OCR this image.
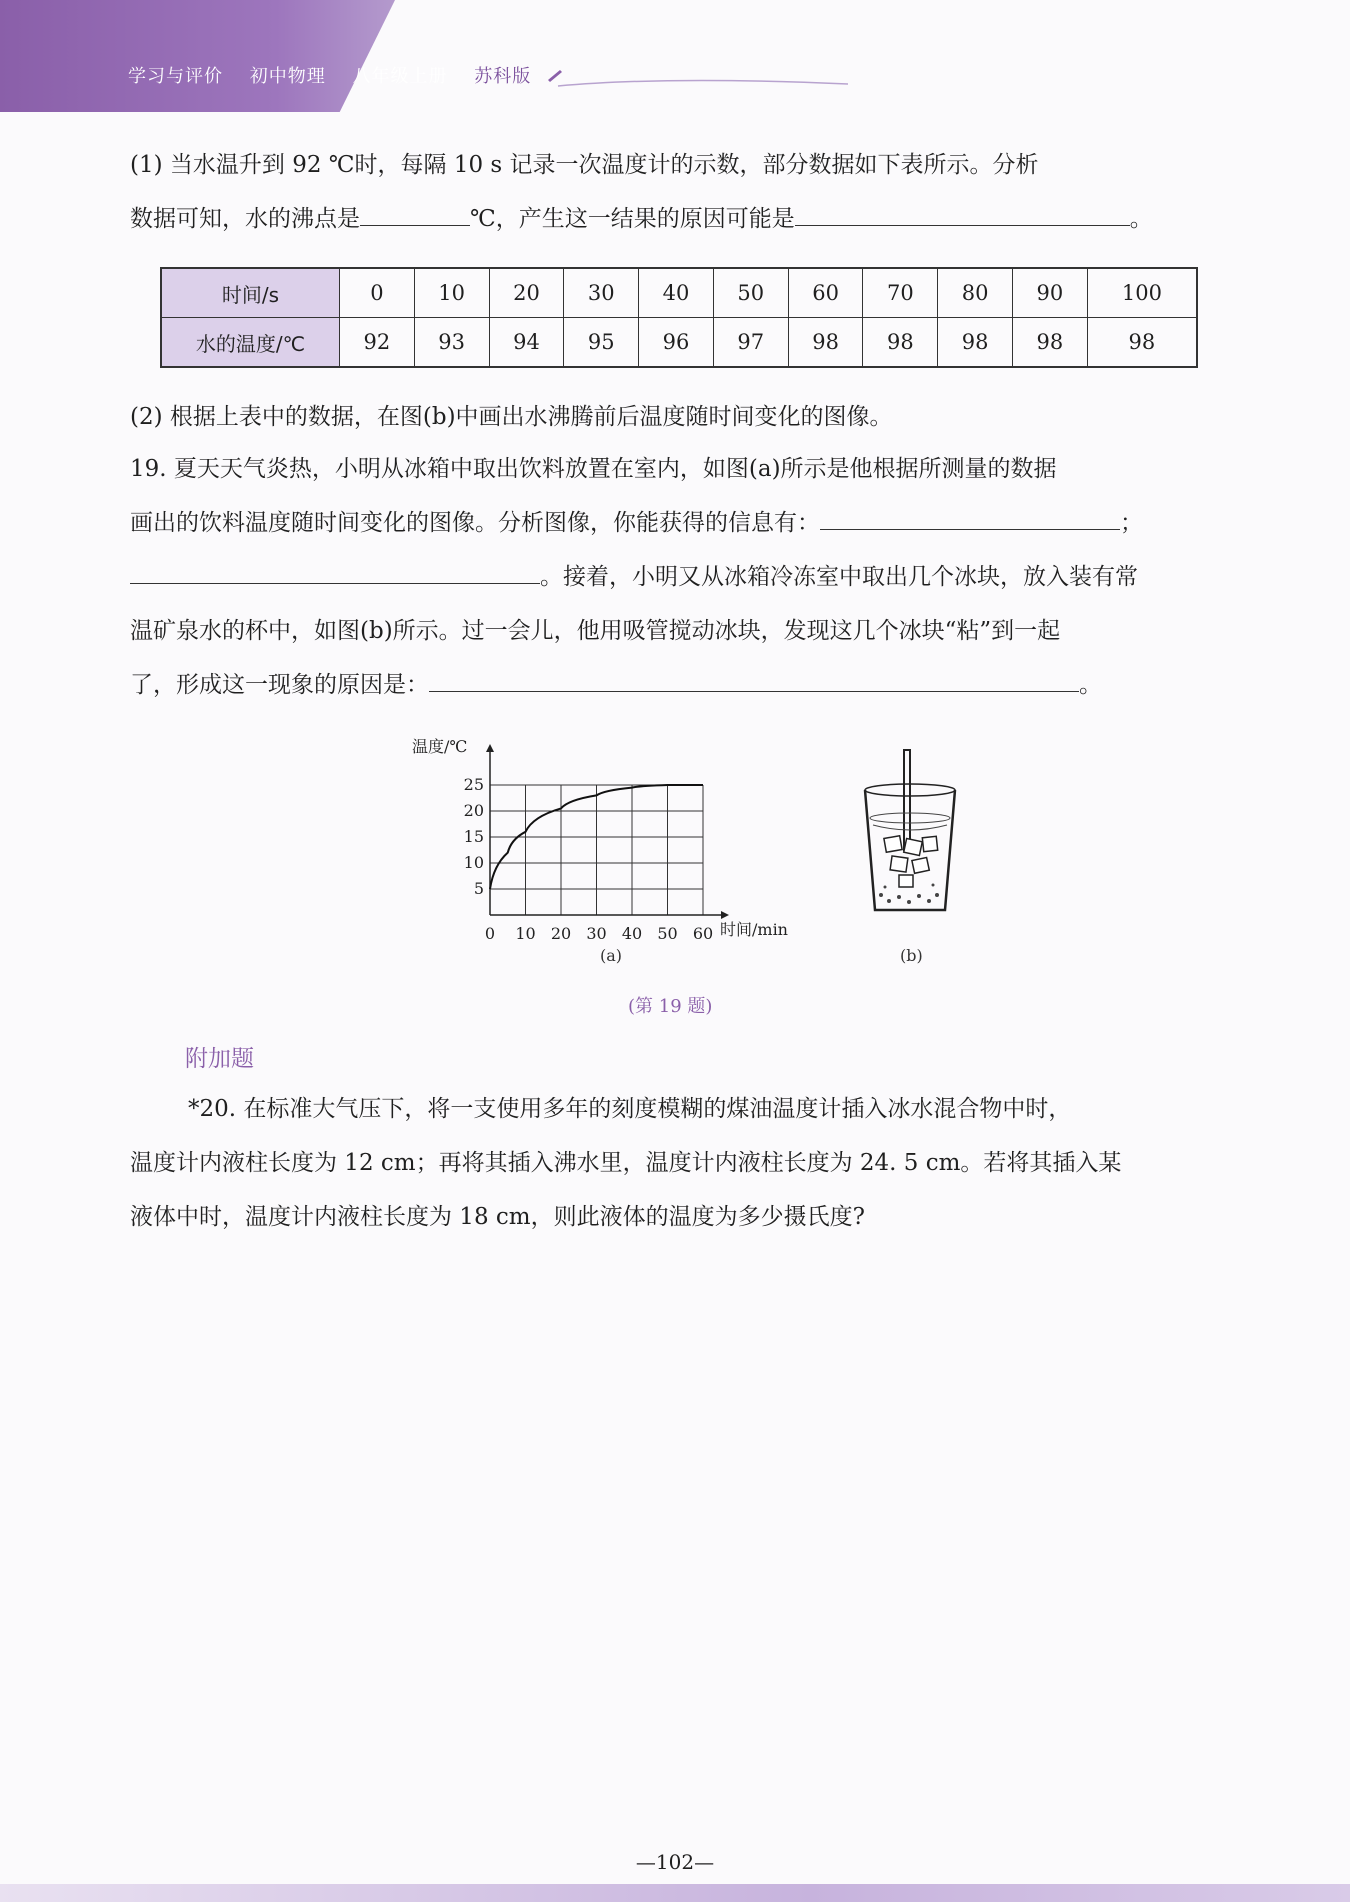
学习与评价 初中物理 八年级上册 苏科版
(1) 当水温升到 92 ℃时，每隔 10 s 记录一次温度计的示数，部分数据如下表所示。分析
数据可知，水的沸点是	℃，产生这一结果的原因可能是	。
时间/s	0	10	20	30	40	50	60	70	80	90	100
水的温度/℃	92	93	94	95	96	97	98	98	98	98	98
(2) 根据上表中的数据，在图(b)中画出水沸腾前后温度随时间变化的图像。
19. 夏天天气炎热，小明从冰箱中取出饮料放置在室内，如图(a)所示是他根据所测量的数据
画出的饮料温度随时间变化的图像。分析图像，你能获得的信息有：	；
。接着，小明又从冰箱冷冻室中取出几个冰块，放入装有常
温矿泉水的杯中，如图(b)所示。过一会儿，他用吸管搅动冰块，发现这几个冰块“粘”到一起
了，形成这一现象的原因是：	。
0 10 20 30 40 50 60
5
10
15
20
25
温度/℃
时间/min
(a)	(b)
(第 19 题)
附加题
*20. 在标准大气压下，将一支使用多年的刻度模糊的煤油温度计插入冰水混合物中时，
温度计内液柱长度为 12 cm；再将其插入沸水里，温度计内液柱长度为 24. 5 cm。若将其插入某
液体中时，温度计内液柱长度为 18 cm，则此液体的温度为多少摄氏度?
—102—
